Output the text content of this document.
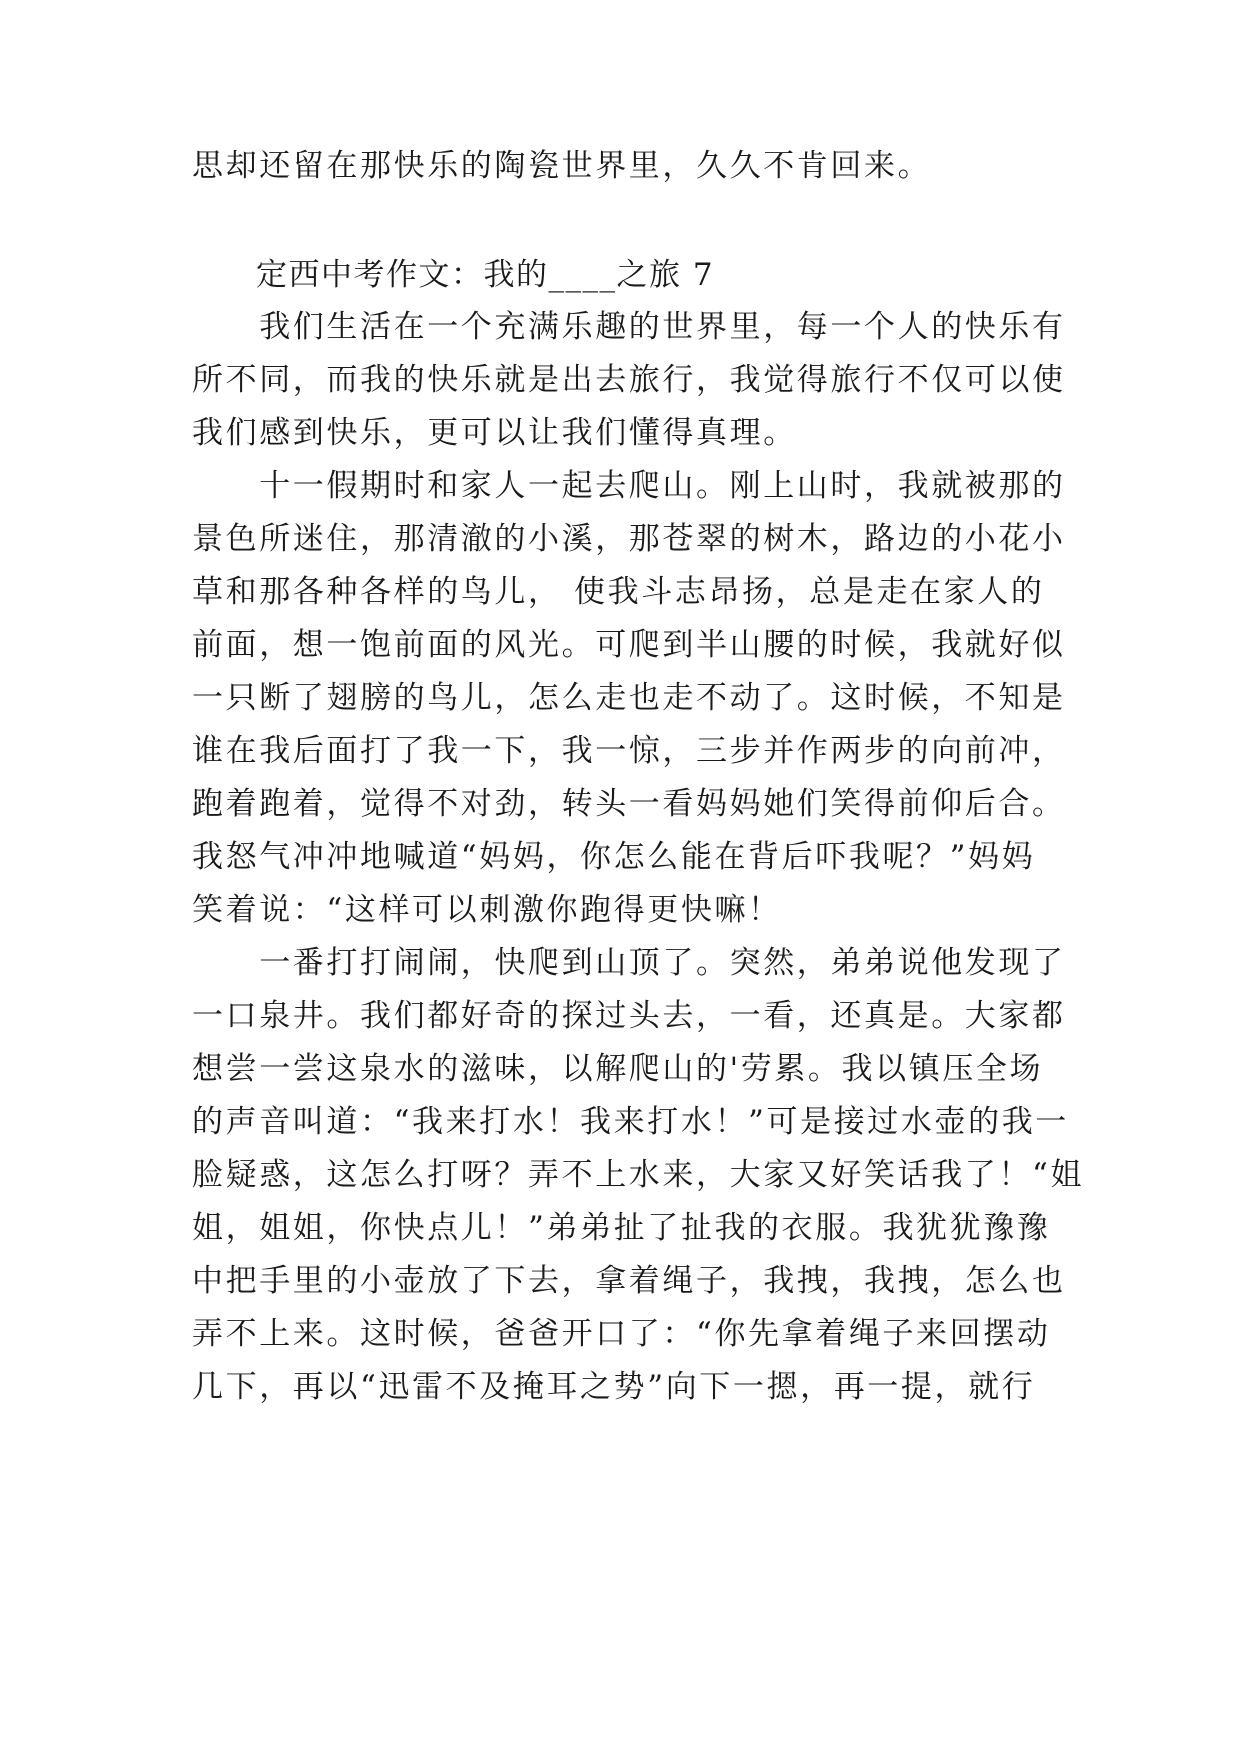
思却还留在那快乐的陶瓷世界里，久久不肯回来。
定西中考作文：我的____之旅 7
　　我们生活在一个充满乐趣的世界里，每一个人的快乐有
所不同，而我的快乐就是出去旅行，我觉得旅行不仅可以使
我们感到快乐，更可以让我们懂得真理。
　　十一假期时和家人一起去爬山。刚上山时，我就被那的
景色所迷住，那清澈的小溪，那苍翠的树木，路边的小花小
草和那各种各样的鸟儿， 使我斗志昂扬，总是走在家人的
前面，想一饱前面的风光。可爬到半山腰的时候，我就好似
一只断了翅膀的鸟儿，怎么走也走不动了。这时候，不知是
谁在我后面打了我一下，我一惊，三步并作两步的向前冲，
跑着跑着，觉得不对劲，转头一看妈妈她们笑得前仰后合。
我怒气冲冲地喊道“妈妈，你怎么能在背后吓我呢？”妈妈
笑着说：“这样可以刺激你跑得更快嘛！
　　一番打打闹闹，快爬到山顶了。突然，弟弟说他发现了
一口泉井。我们都好奇的探过头去，一看，还真是。大家都
想尝一尝这泉水的滋味，以解爬山的'劳累。我以镇压全场
的声音叫道：“我来打水！我来打水！”可是接过水壶的我一
脸疑惑，这怎么打呀？弄不上水来，大家又好笑话我了！“姐
姐，姐姐，你快点儿！”弟弟扯了扯我的衣服。我犹犹豫豫
中把手里的小壶放了下去，拿着绳子，我拽，我拽，怎么也
弄不上来。这时候，爸爸开口了：“你先拿着绳子来回摆动
几下，再以“迅雷不及掩耳之势”向下一摁，再一提，就行
